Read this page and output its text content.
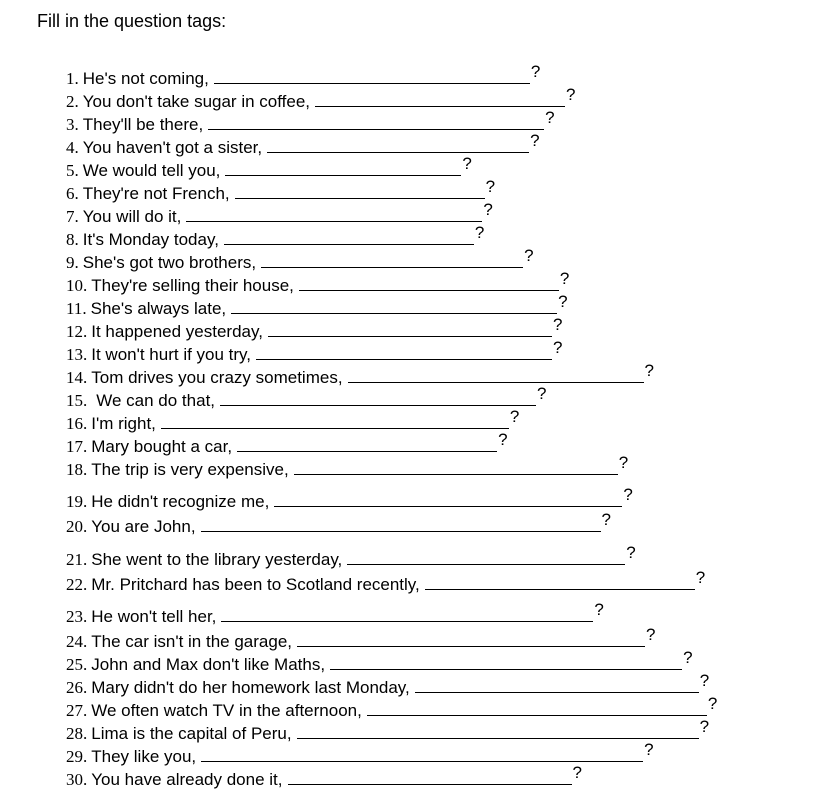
Fill in the question tags:
1. He's not coming,	?
2. You don't take sugar in coffee,	?
3. They'll be there,	?
4. You haven't got a sister,	?
5. We would tell you,	?
6. They're not French,	?
7. You will do it,	?
8. It's Monday today,	?
9. She's got two brothers,	?
10. They're selling their house,	?
11. She's always late,	?
12. It happened yesterday,	?
13. It won't hurt if you try,	?
14. Tom drives you crazy sometimes,	?
15. We can do that,	?
16. I'm right,	?
17. Mary bought a car,	?
18. The trip is very expensive,	?
19. He didn't recognize me,	?
20. You are John,	?
21. She went to the library yesterday,	?
22. Mr. Pritchard has been to Scotland recently,	?
23. He won't tell her,	?
24. The car isn't in the garage,	?
25. John and Max don't like Maths,	?
26. Mary didn't do her homework last Monday,	?
27. We often watch TV in the afternoon,	?
28. Lima is the capital of Peru,	?
29. They like you,	?
30. You have already done it,	?
